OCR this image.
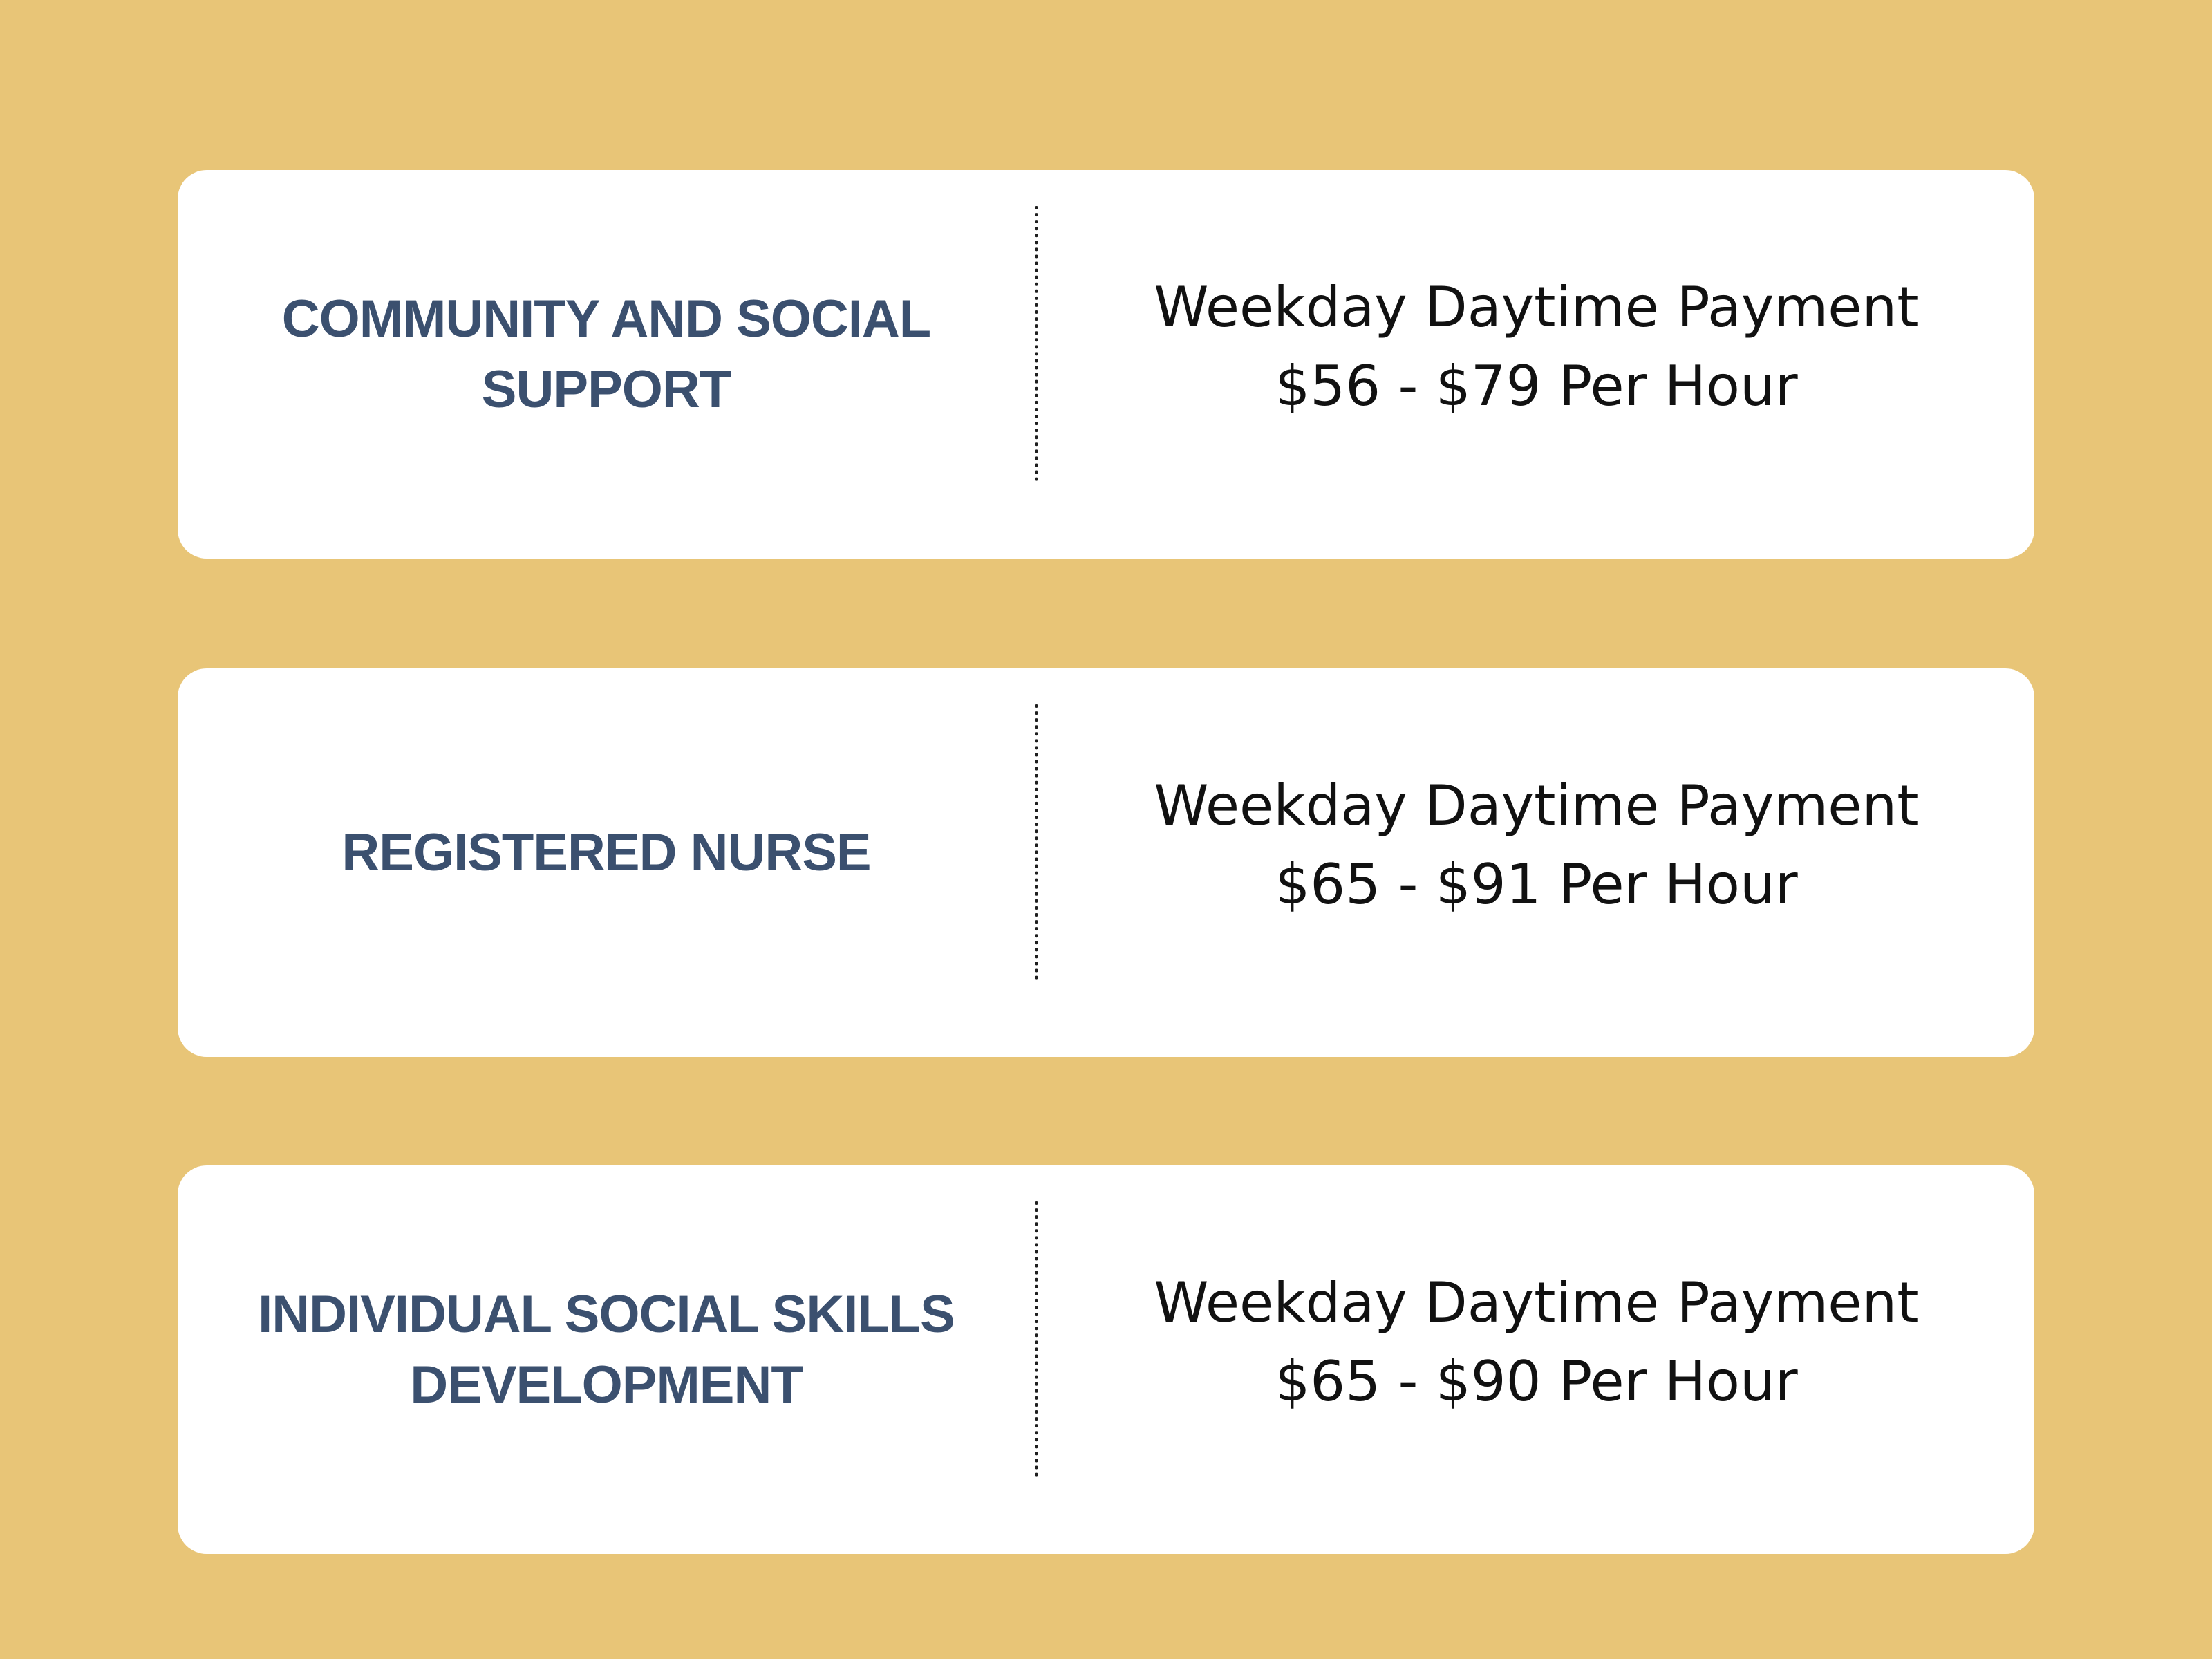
COMMUNITY AND SOCIAL SUPPORT
Weekday Daytime Payment
$56 - $79 Per Hour
REGISTERED NURSE
Weekday Daytime Payment
$65 - $91 Per Hour
INDIVIDUAL SOCIAL SKILLS DEVELOPMENT
Weekday Daytime Payment
$65 - $90 Per Hour
